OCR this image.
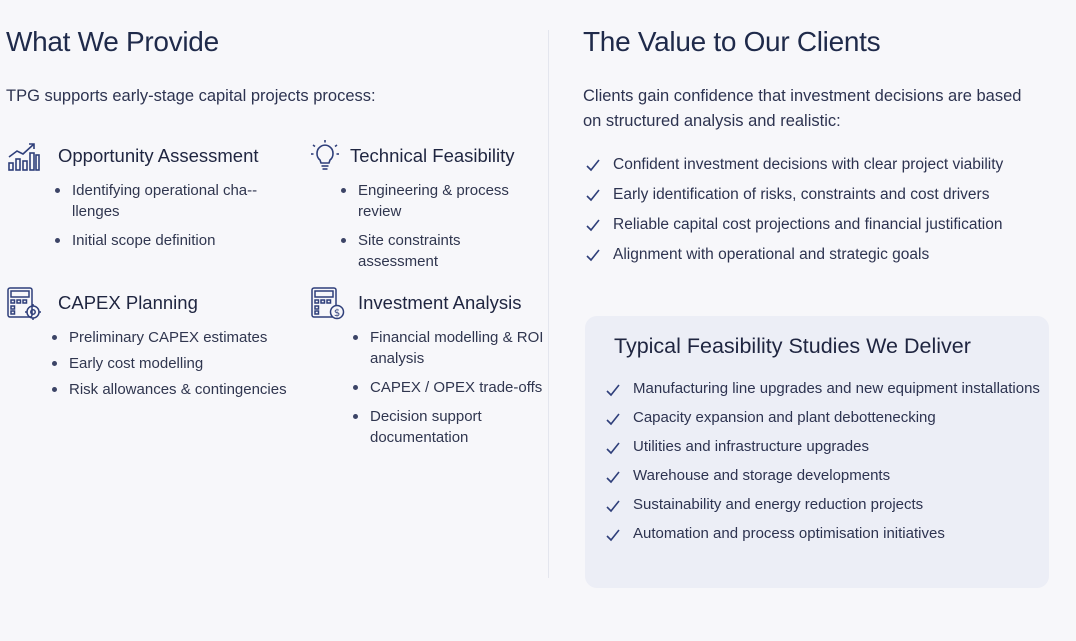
What We Provide
TPG supports early-stage capital projects process:
Opportunity Assessment
Identifying operational cha-llenges
Initial scope definition
Technical Feasibility
Engineering & process review
Site constraints assessment
CAPEX Planning
Preliminary CAPEX estimates
Early cost modelling
Risk allowances & contingencies
$
Investment Analysis
Financial modelling & ROI analysis
CAPEX / OPEX trade-offs
Decision support documentation
The Value to Our Clients
Clients gain confidence that investment decisions are based on structured analysis and realistic:
Confident investment decisions with clear project viability
Early identification of risks, constraints and cost drivers
Reliable capital cost projections and financial justification
Alignment with operational and strategic goals
Typical Feasibility Studies We Deliver
Manufacturing line upgrades and new equipment installations
Capacity expansion and plant debottenecking
Utilities and infrastructure upgrades
Warehouse and storage developments
Sustainability and energy reduction projects
Automation and process optimisation initiatives
